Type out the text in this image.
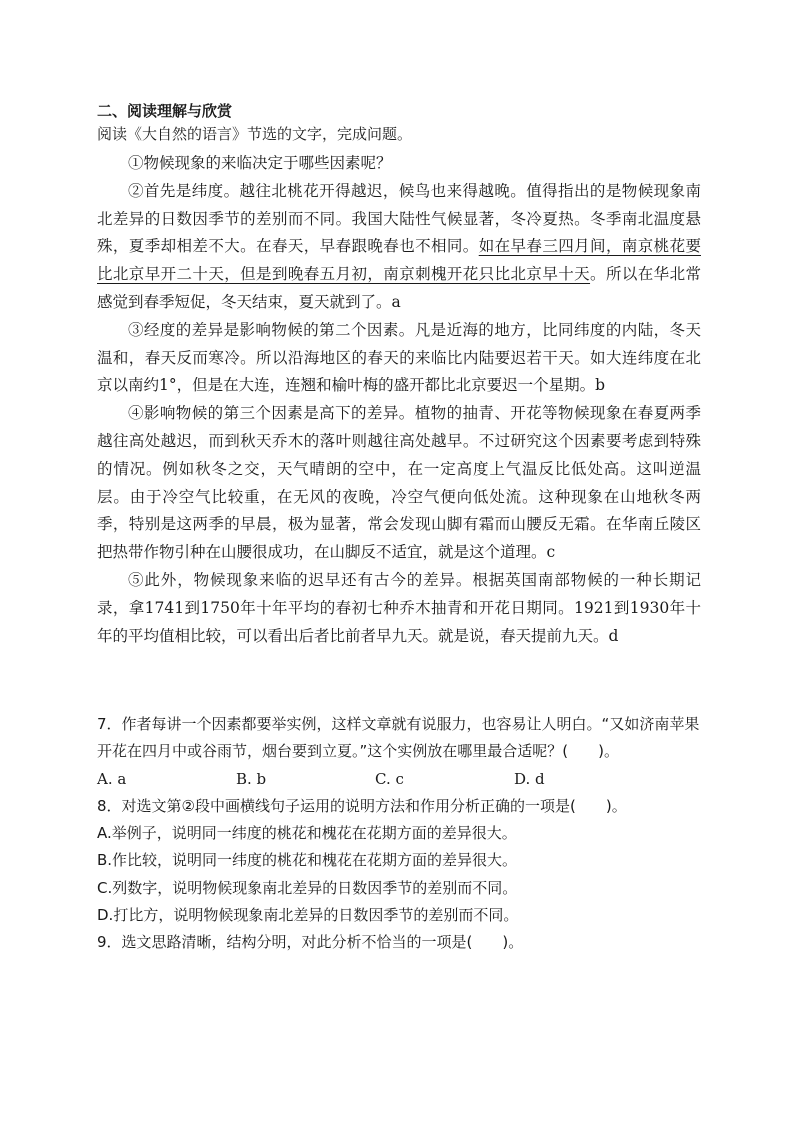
二、阅读理解与欣赏
阅读《大自然的语言》节选的文字，完成问题。

①物候现象的来临决定于哪些因素呢？

②首先是纬度。越往北桃花开得越迟，候鸟也来得越晚。值得指出的是物候现象南北差异的日数因季节的差别而不同。我国大陆性气候显著，冬冷夏热。冬季南北温度悬殊，夏季却相差不大。在春天，早春跟晚春也不相同。如在早春三四月间，南京桃花要比北京早开二十天，但是到晚春五月初，南京刺槐开花只比北京早十天。所以在华北常感觉到春季短促，冬天结束，夏天就到了。a

③经度的差异是影响物候的第二个因素。凡是近海的地方，比同纬度的内陆，冬天温和，春天反而寒冷。所以沿海地区的春天的来临比内陆要迟若干天。如大连纬度在北京以南约1°，但是在大连，连翘和榆叶梅的盛开都比北京要迟一个星期。b

④影响物候的第三个因素是高下的差异。植物的抽青、开花等物候现象在春夏两季越往高处越迟，而到秋天乔木的落叶则越往高处越早。不过研究这个因素要考虑到特殊的情况。例如秋冬之交，天气晴朗的空中，在一定高度上气温反比低处高。这叫逆温层。由于冷空气比较重，在无风的夜晚，冷空气便向低处流。这种现象在山地秋冬两季，特别是这两季的早晨，极为显著，常会发现山脚有霜而山腰反无霜。在华南丘陵区把热带作物引种在山腰很成功，在山脚反不适宜，就是这个道理。c

⑤此外，物候现象来临的迟早还有古今的差异。根据英国南部物候的一种长期记录，拿1741到1750年十年平均的春初七种乔木抽青和开花日期同。1921到1930年十年的平均值相比较，可以看出后者比前者早九天。就是说，春天提前九天。d

7．作者每讲一个因素都要举实例，这样文章就有说服力，也容易让人明白。“又如济南苹果开花在四月中或谷雨节，烟台要到立夏。”这个实例放在哪里最合适呢？(　　)。

A. a	B. b	C. c	D. d

8．对选文第②段中画横线句子运用的说明方法和作用分析正确的一项是(　　)。

A.举例子，说明同一纬度的桃花和槐花在花期方面的差异很大。

B.作比较，说明同一纬度的桃花和槐花在花期方面的差异很大。

C.列数字，说明物候现象南北差异的日数因季节的差别而不同。

D.打比方，说明物候现象南北差异的日数因季节的差别而不同。

9．选文思路清晰，结构分明，对此分析不恰当的一项是(　　)。
